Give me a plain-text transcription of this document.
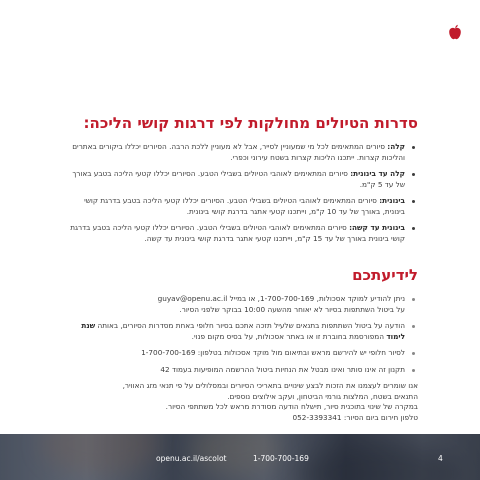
סדרות הטיולים מחולקות לפי דרגות קושי הליכה:
קלה: סיורים המתאימים לכל מי שמעוניין לסייר, אבל לא מעוניין ללכת הרבה. הסיורים יכללו ביקורים באתרים והליכות קצרות. ייתכנו הליכות קצרות בשטח עירוני וכפרי.
קלה עד בינונית: סיורים המתאימים לאוהבי הטיולים בשבילי הטבע. הסיורים יכללו קטעי הליכה בטבע באורך של עד 5 ק"מ.
בינונית: סיורים המתאימים לאוהבי הטיולים בשבילי הטבע. הסיורים יכללו קטעי הליכה בטבע בדרגת קושי בינונית, באורך של עד 10 ק"מ, וייתכנו קטעי אתגר בדרגת קושי בינונית.
בינונית עד קשה: סיורים המתאימים לאוהבי הטיולים בשבילי הטבע. הסיורים יכללו קטעי הליכה בטבע בדרגת קושי בינונית באורך של עד 15 ק"מ, וייתכנו קטעי אתגר בדרגת קושי בינונית עד קשה.
לידיעתכם
ניתן להודיע למוקד אסכולות, 1-700-700-169, או במייל guyav@openu.ac.il
על ביטול השתתפות בסיור לא יאוחר מהשעה 10:00 בבוקר שלפני הסיור.
הודעה על ביטול השתתפות בתנאים שלעיל תזכה אתכם בסיור חלופי באחת מסדרות הסיורים, באותה שנת לימוד המפורסמת בחוברת זו או באתר אסכולות, על בסיס מקום פנוי.
לסיור חלופי יש להירשם מראש ובתיאום מול מוקד אסכולות בטלפון: 1-700-700-169
תקנון זה אינו סותר ואינו מבטל את הנחיות ביטול ההרשמה המופיעות בעמוד 42
אנו שומרים לעצמנו את הזכות לבצע שינויים בתאריכי הסיורים ובמסלולים על פי תנאי מזג האוויר,
התנאים בשטח, המלצות גורמי הביטחון, ועקב אילוצים נוספים.
במקרה של שינוי בתוכנית סיור, תישלח הודעה מסודרת מראש לכל משתתפי הסיור.
טלפון חירום ביום הסיור: 052-3393341
openu.ac.il/ascolot	1-700-700-169	4
